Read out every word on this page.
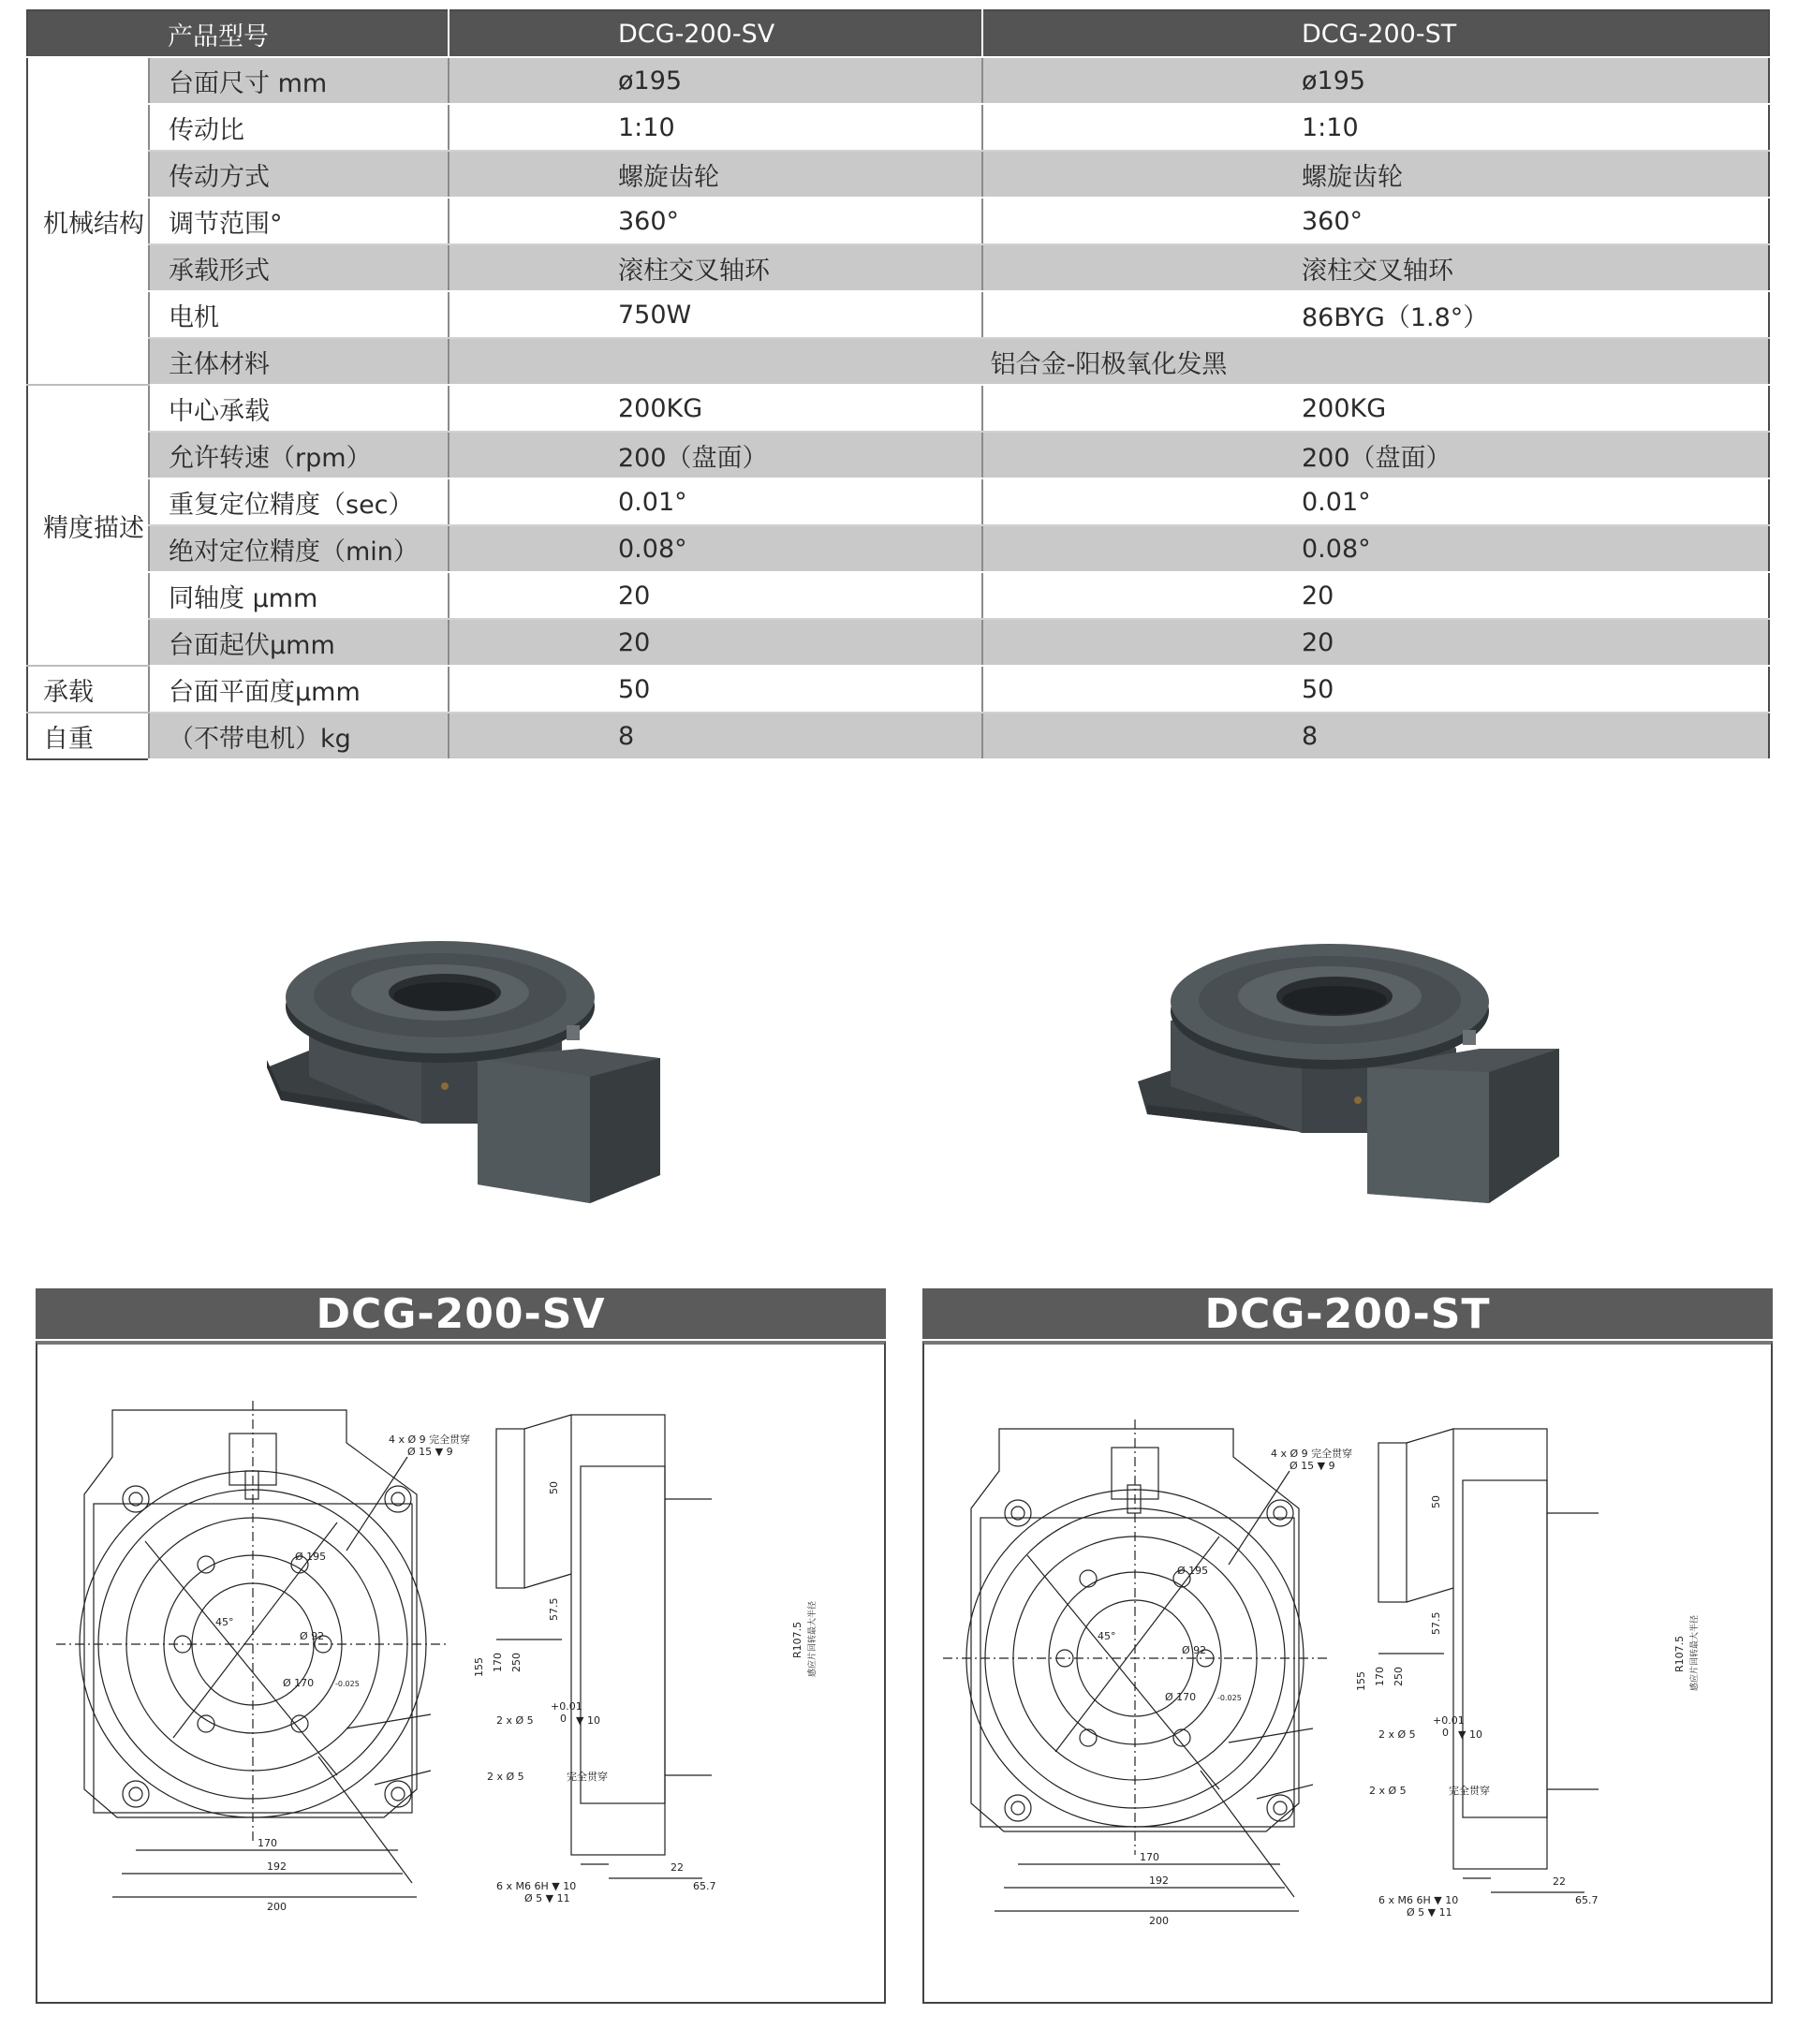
	产品型号	DCG-200-SV	DCG-200-ST
机械结构	台面尺寸 mm	ø195	ø195
	传动比	1:10	1:10
	传动方式	螺旋齿轮	螺旋齿轮
	调节范围°	360°	360°
	承载形式	滚柱交叉轴环	滚柱交叉轴环
	电机	750W	86BYG（1.8°）
	主体材料	铝合金-阳极氧化发黑	
精度描述	中心承载	200KG	200KG
	允许转速（rpm）	200（盘面）	200（盘面）
	重复定位精度（sec）	0.01°	0.01°
	绝对定位精度（min）	0.08°	0.08°
	同轴度 μmm	20	20
	台面起伏μmm	20	20
承载	台面平面度μmm	50	50
自重	（不带电机）kg	8	8
DCG-200-SV
4 x Ø 9 完全贯穿
Ø 15 ▼ 9
Ø 195
Ø 92
Ø 170	-0.025
45°
155 170 250
+0.01
0
2 x Ø 5	▼ 10
2 x Ø 5	完全贯穿
6 x M6 6H ▼ 10
Ø 5 ▼ 11
170
192
200
50
57.5
R107.5 感应片回转最大半径
22
65.7
DCG-200-ST
4 x Ø 9 完全贯穿
Ø 15 ▼ 9
Ø 195
Ø 92
Ø 170	-0.025
45°
155 170 250
+0.01
0
2 x Ø 5	▼ 10
2 x Ø 5	完全贯穿
6 x M6 6H ▼ 10
Ø 5 ▼ 11
170
192
200
50
57.5
R107.5 感应片回转最大半径
22
65.7
